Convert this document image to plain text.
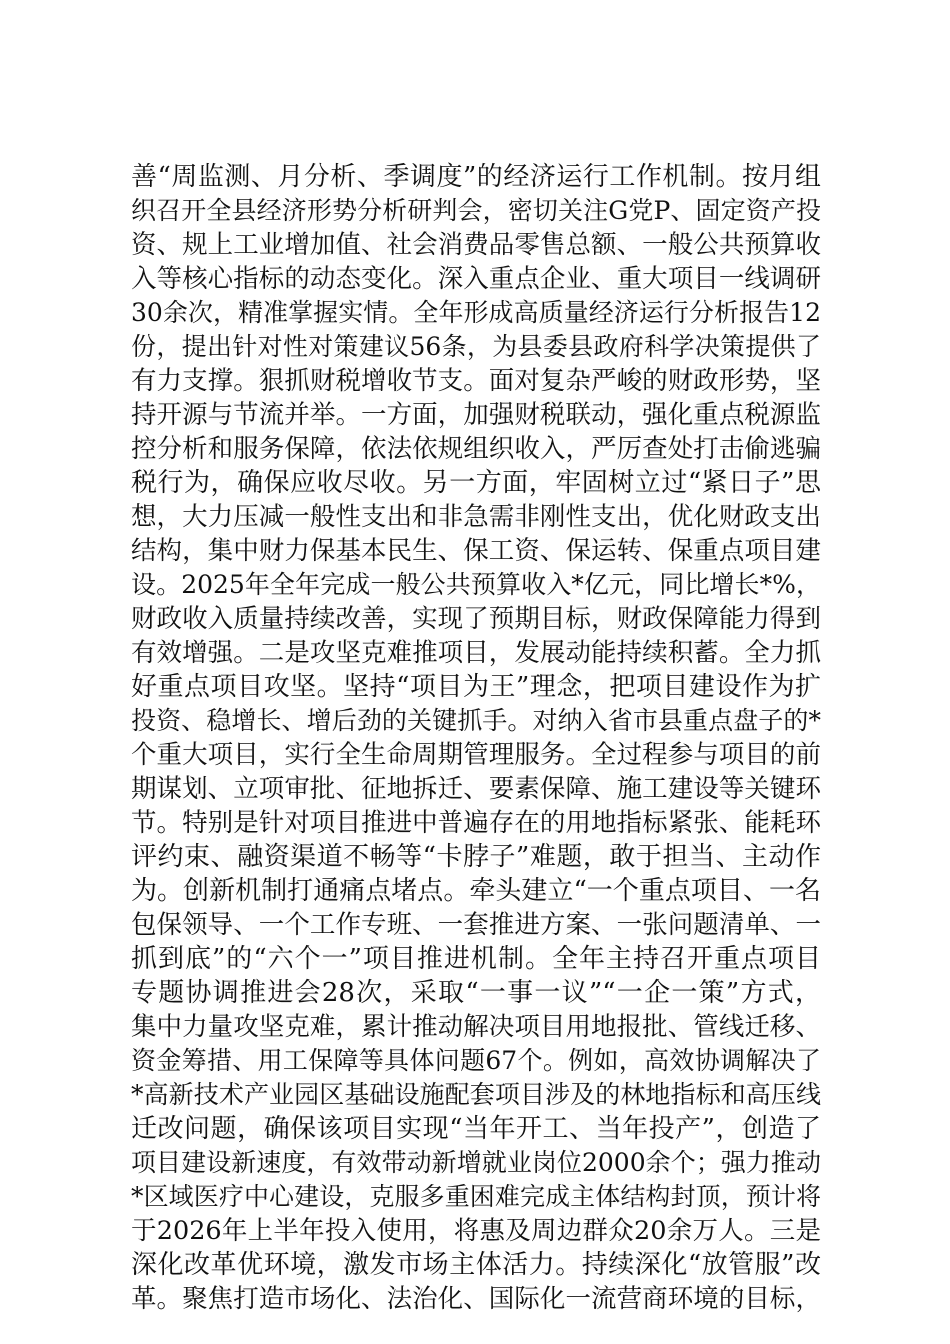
善“周监测、月分析、季调度”的经济运行工作机制。按月组
织召开全县经济形势分析研判会，密切关注G党P、固定资产投
资、规上工业增加值、社会消费品零售总额、一般公共预算收
入等核心指标的动态变化。深入重点企业、重大项目一线调研
30余次，精准掌握实情。全年形成高质量经济运行分析报告12
份，提出针对性对策建议56条，为县委县政府科学决策提供了
有力支撑。狠抓财税增收节支。面对复杂严峻的财政形势，坚
持开源与节流并举。一方面，加强财税联动，强化重点税源监
控分析和服务保障，依法依规组织收入，严厉查处打击偷逃骗
税行为，确保应收尽收。另一方面，牢固树立过“紧日子”思
想，大力压减一般性支出和非急需非刚性支出，优化财政支出
结构，集中财力保基本民生、保工资、保运转、保重点项目建
设。2025年全年完成一般公共预算收入*亿元，同比增长*%，
财政收入质量持续改善，实现了预期目标，财政保障能力得到
有效增强。二是攻坚克难推项目，发展动能持续积蓄。全力抓
好重点项目攻坚。坚持“项目为王”理念，把项目建设作为扩
投资、稳增长、增后劲的关键抓手。对纳入省市县重点盘子的*
个重大项目，实行全生命周期管理服务。全过程参与项目的前
期谋划、立项审批、征地拆迁、要素保障、施工建设等关键环
节。特别是针对项目推进中普遍存在的用地指标紧张、能耗环
评约束、融资渠道不畅等“卡脖子”难题，敢于担当、主动作
为。创新机制打通痛点堵点。牵头建立“一个重点项目、一名
包保领导、一个工作专班、一套推进方案、一张问题清单、一
抓到底”的“六个一”项目推进机制。全年主持召开重点项目
专题协调推进会28次，采取“一事一议”“一企一策”方式，
集中力量攻坚克难，累计推动解决项目用地报批、管线迁移、
资金筹措、用工保障等具体问题67个。例如，高效协调解决了
*高新技术产业园区基础设施配套项目涉及的林地指标和高压线
迁改问题，确保该项目实现“当年开工、当年投产”，创造了
项目建设新速度，有效带动新增就业岗位2000余个；强力推动
*区域医疗中心建设，克服多重困难完成主体结构封顶，预计将
于2026年上半年投入使用，将惠及周边群众20余万人。三是
深化改革优环境，激发市场主体活力。持续深化“放管服”改
革。聚焦打造市场化、法治化、国际化一流营商环境的目标，
